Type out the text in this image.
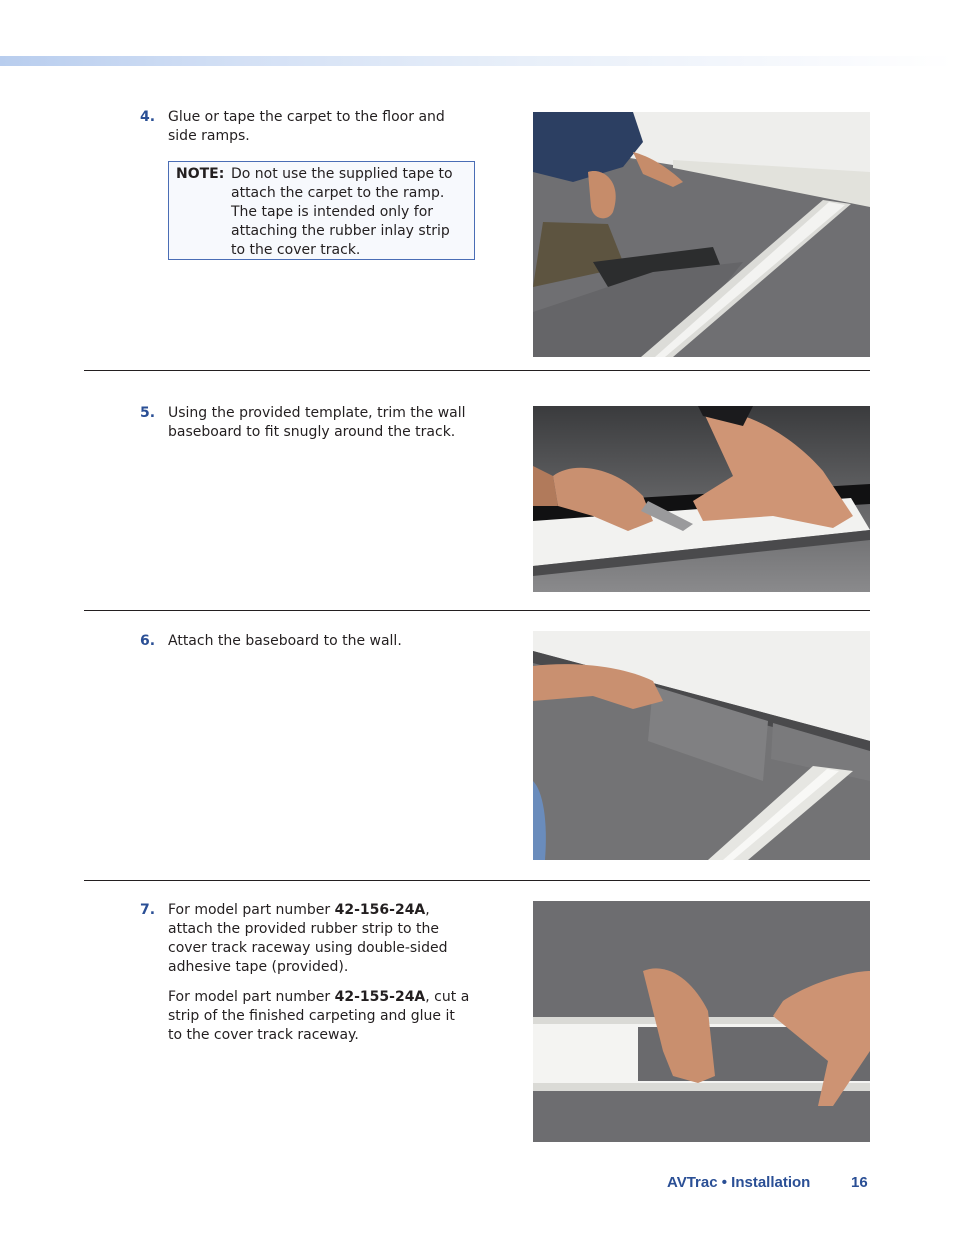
4. Glue or tape the carpet to the floor and side ramps.

NOTE: Do not use the supplied tape to attach the carpet to the ramp. The tape is intended only for attaching the rubber inlay strip to the cover track.
5. Using the provided template, trim the wall baseboard to fit snugly around the track.

6. Attach the baseboard to the wall.

7. For model part number 42-156-24A, attach the provided rubber strip to the cover track raceway using double-sided adhesive tape (provided).

For model part number 42-155-24A, cut a strip of the finished carpeting and glue it to the cover track raceway.

AVTrac • Installation	16
